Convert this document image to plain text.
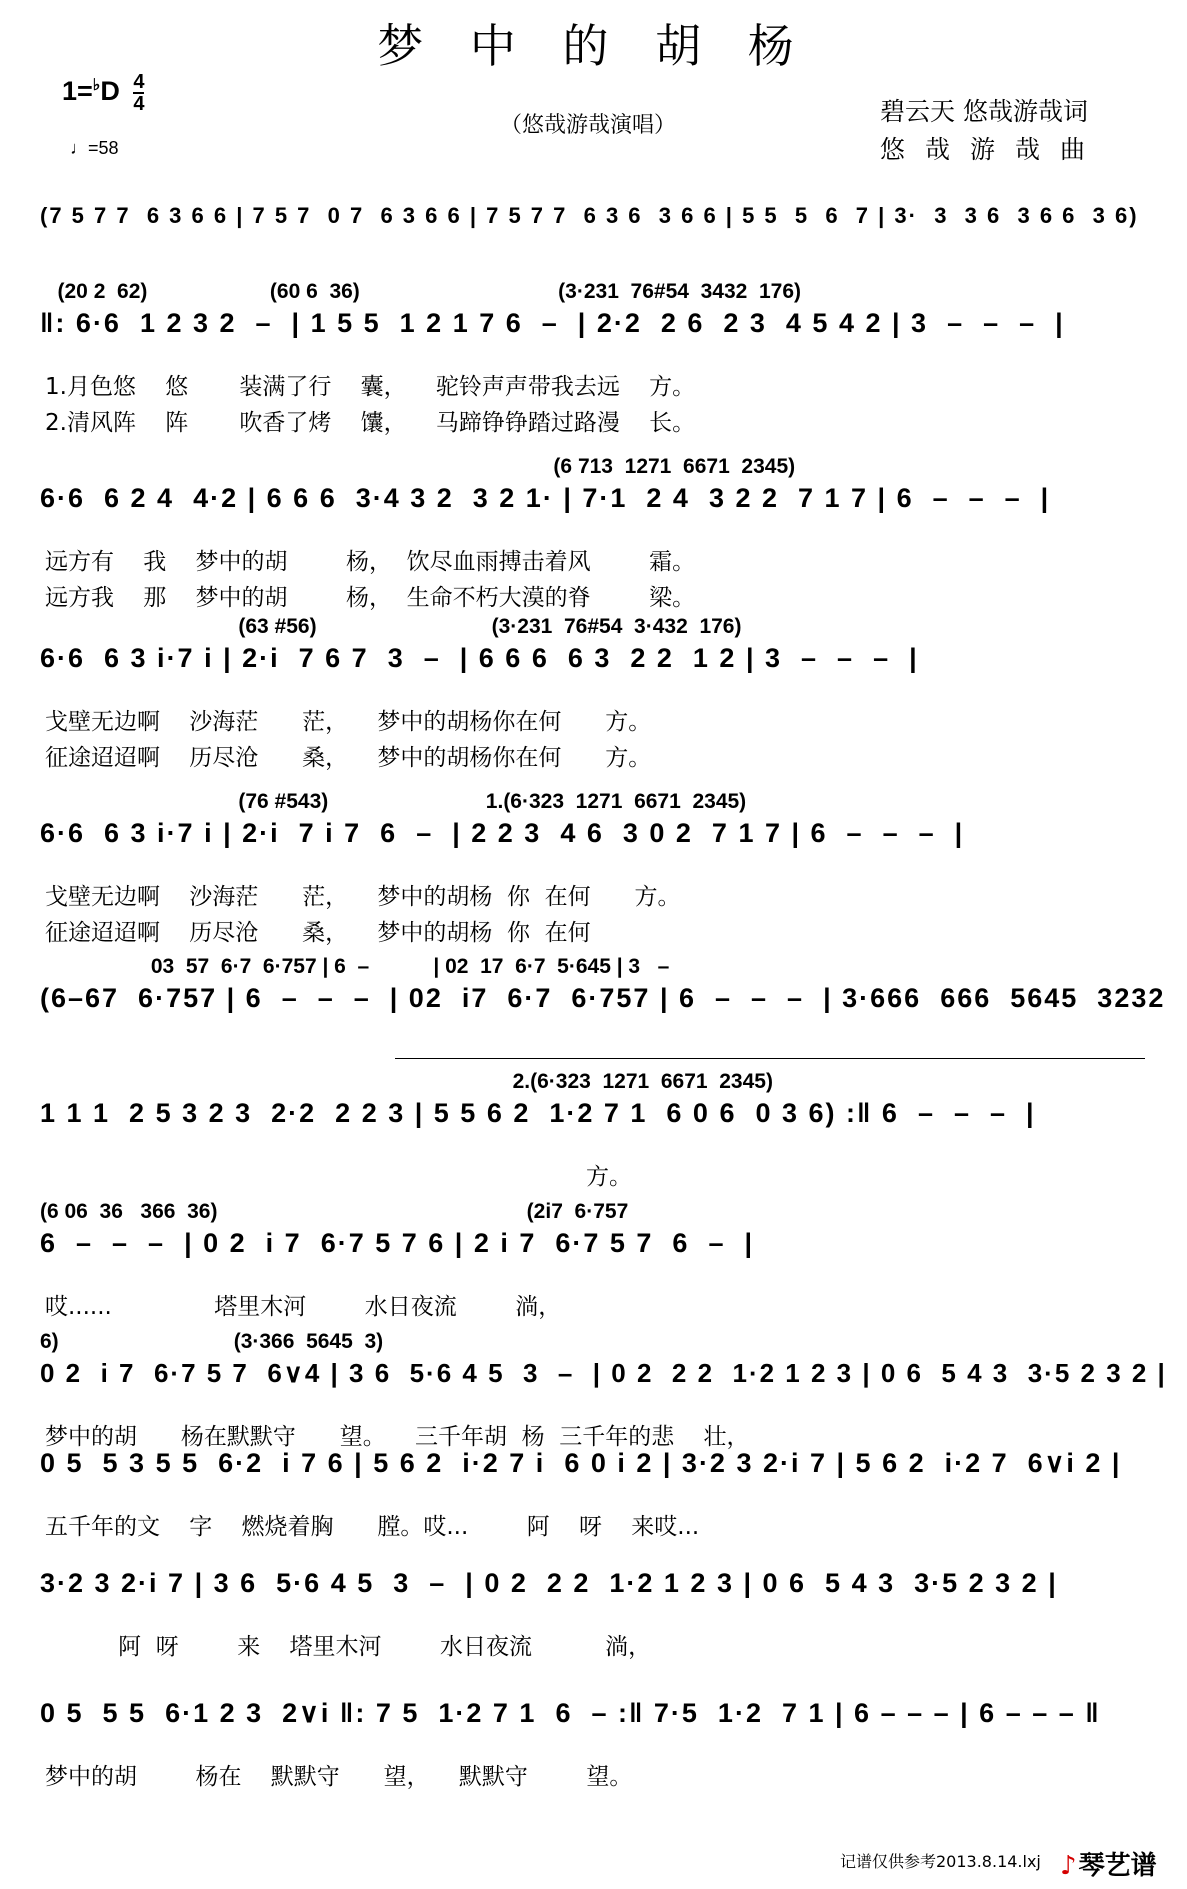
梦 中 的 胡 杨
$1=^♭D \frac{4}{4}$
♩=58
（悠哉游哉演唱）	碧云天 悠哉游哉词
悠哉游哉曲
(7 5 7 7  6 3 6 6 | 7 5 7  0 7  6 3 6 6 | 7 5 7 7  6 3 6  3 6 6 | 5 5  5  6  7 | 3·  3  3 6  3 6 6  3 6)
(20 2  62)                     (60 6  36)                                  (3·231  76#54  3432  176)
‖: 6·6  1 2 3 2  –  | 1 5 5  1 2 1 7 6  –  | 2·2  2 6  2 3  4 5 4 2 | 3  –  –  –  |
1.月色悠    悠       装满了行    囊，    驼铃声声带我去远    方。
2.清风阵    阵       吹香了烤    馕，    马蹄铮铮踏过路漫    长。
(6 713  1271  6671  2345)
6·6  6 2 4  4·2 | 6 6 6  3·4 3 2  3 2 1· | 7·1  2 4  3 2 2  7 1 7 | 6  –  –  –  |
远方有    我    梦中的胡        杨，  饮尽血雨搏击着风        霜。
远方我    那    梦中的胡        杨，  生命不朽大漠的脊        梁。
(63 #56)                              (3·231  76#54  3·432  176)
6·6  6 3 i·7 i | 2·i  7 6 7  3  –  | 6 6 6  6 3  2 2  1 2 | 3  –  –  –  |
戈壁无边啊    沙海茫      茫，    梦中的胡杨你在何      方。
征途迢迢啊    历尽沧      桑，    梦中的胡杨你在何      方。
(76 #543)                           1.(6·323  1271  6671  2345)
6·6  6 3 i·7 i | 2·i  7 i 7  6  –  | 2 2 3  4 6  3 0 2  7 1 7 | 6  –  –  –  |
戈壁无边啊    沙海茫      茫，    梦中的胡杨  你  在何      方。
征途迢迢啊    历尽沧      桑，    梦中的胡杨  你  在何
03  57  6·7  6·757 | 6  –           | 02  17  6·7  5·645 | 3   –
(6–67  6·757 | 6  –  –  –  | 02  i7  6·7  6·757 | 6  –  –  –  | 3·666  666  5645  3232
2.(6·323  1271  6671  2345)
1 1 1  2 5 3 2 3  2·2  2 2 3 | 5 5 6 2  1·2 7 1  6 0 6  0 3 6) :‖ 6  –  –  –  |
方。
(6 06  36   366  36)                                                     (2i7  6·757
6  –  –  –  | 0 2  i 7  6·7 5 7 6 | 2 i 7  6·7 5 7  6  –  |
哎......              塔里木河        水日夜流        淌，
6)                              (3·366  5645  3)
0 2  i 7  6·7 5 7  6∨4 | 3 6  5·6 4 5  3  –  | 0 2  2 2  1·2 1 2 3 | 0 6  5 4 3  3·5 2 3 2 |
梦中的胡      杨在默默守      望。    三千年胡  杨  三千年的悲    壮，
0 5  5 3 5 5  6·2  i 7 6 | 5 6 2  i·2 7 i  6 0 i 2 | 3·2 3 2·i 7 | 5 6 2  i·2 7  6∨i 2 |
五千年的文    字    燃烧着胸      膛。哎...        阿    呀    来哎...
3·2 3 2·i 7 | 3 6  5·6 4 5  3  –  | 0 2  2 2  1·2 1 2 3 | 0 6  5 4 3  3·5 2 3 2 |
阿  呀        来    塔里木河        水日夜流          淌，
0 5  5 5  6·1 2 3  2∨i ‖: 7 5  1·2 7 1  6  – :‖ 7·5  1·2  7 1 | 6 – – – | 6 – – – ‖
梦中的胡        杨在    默默守      望，    默默守        望。
记谱仅供参考2013.8.14.lxj ♪琴艺谱
